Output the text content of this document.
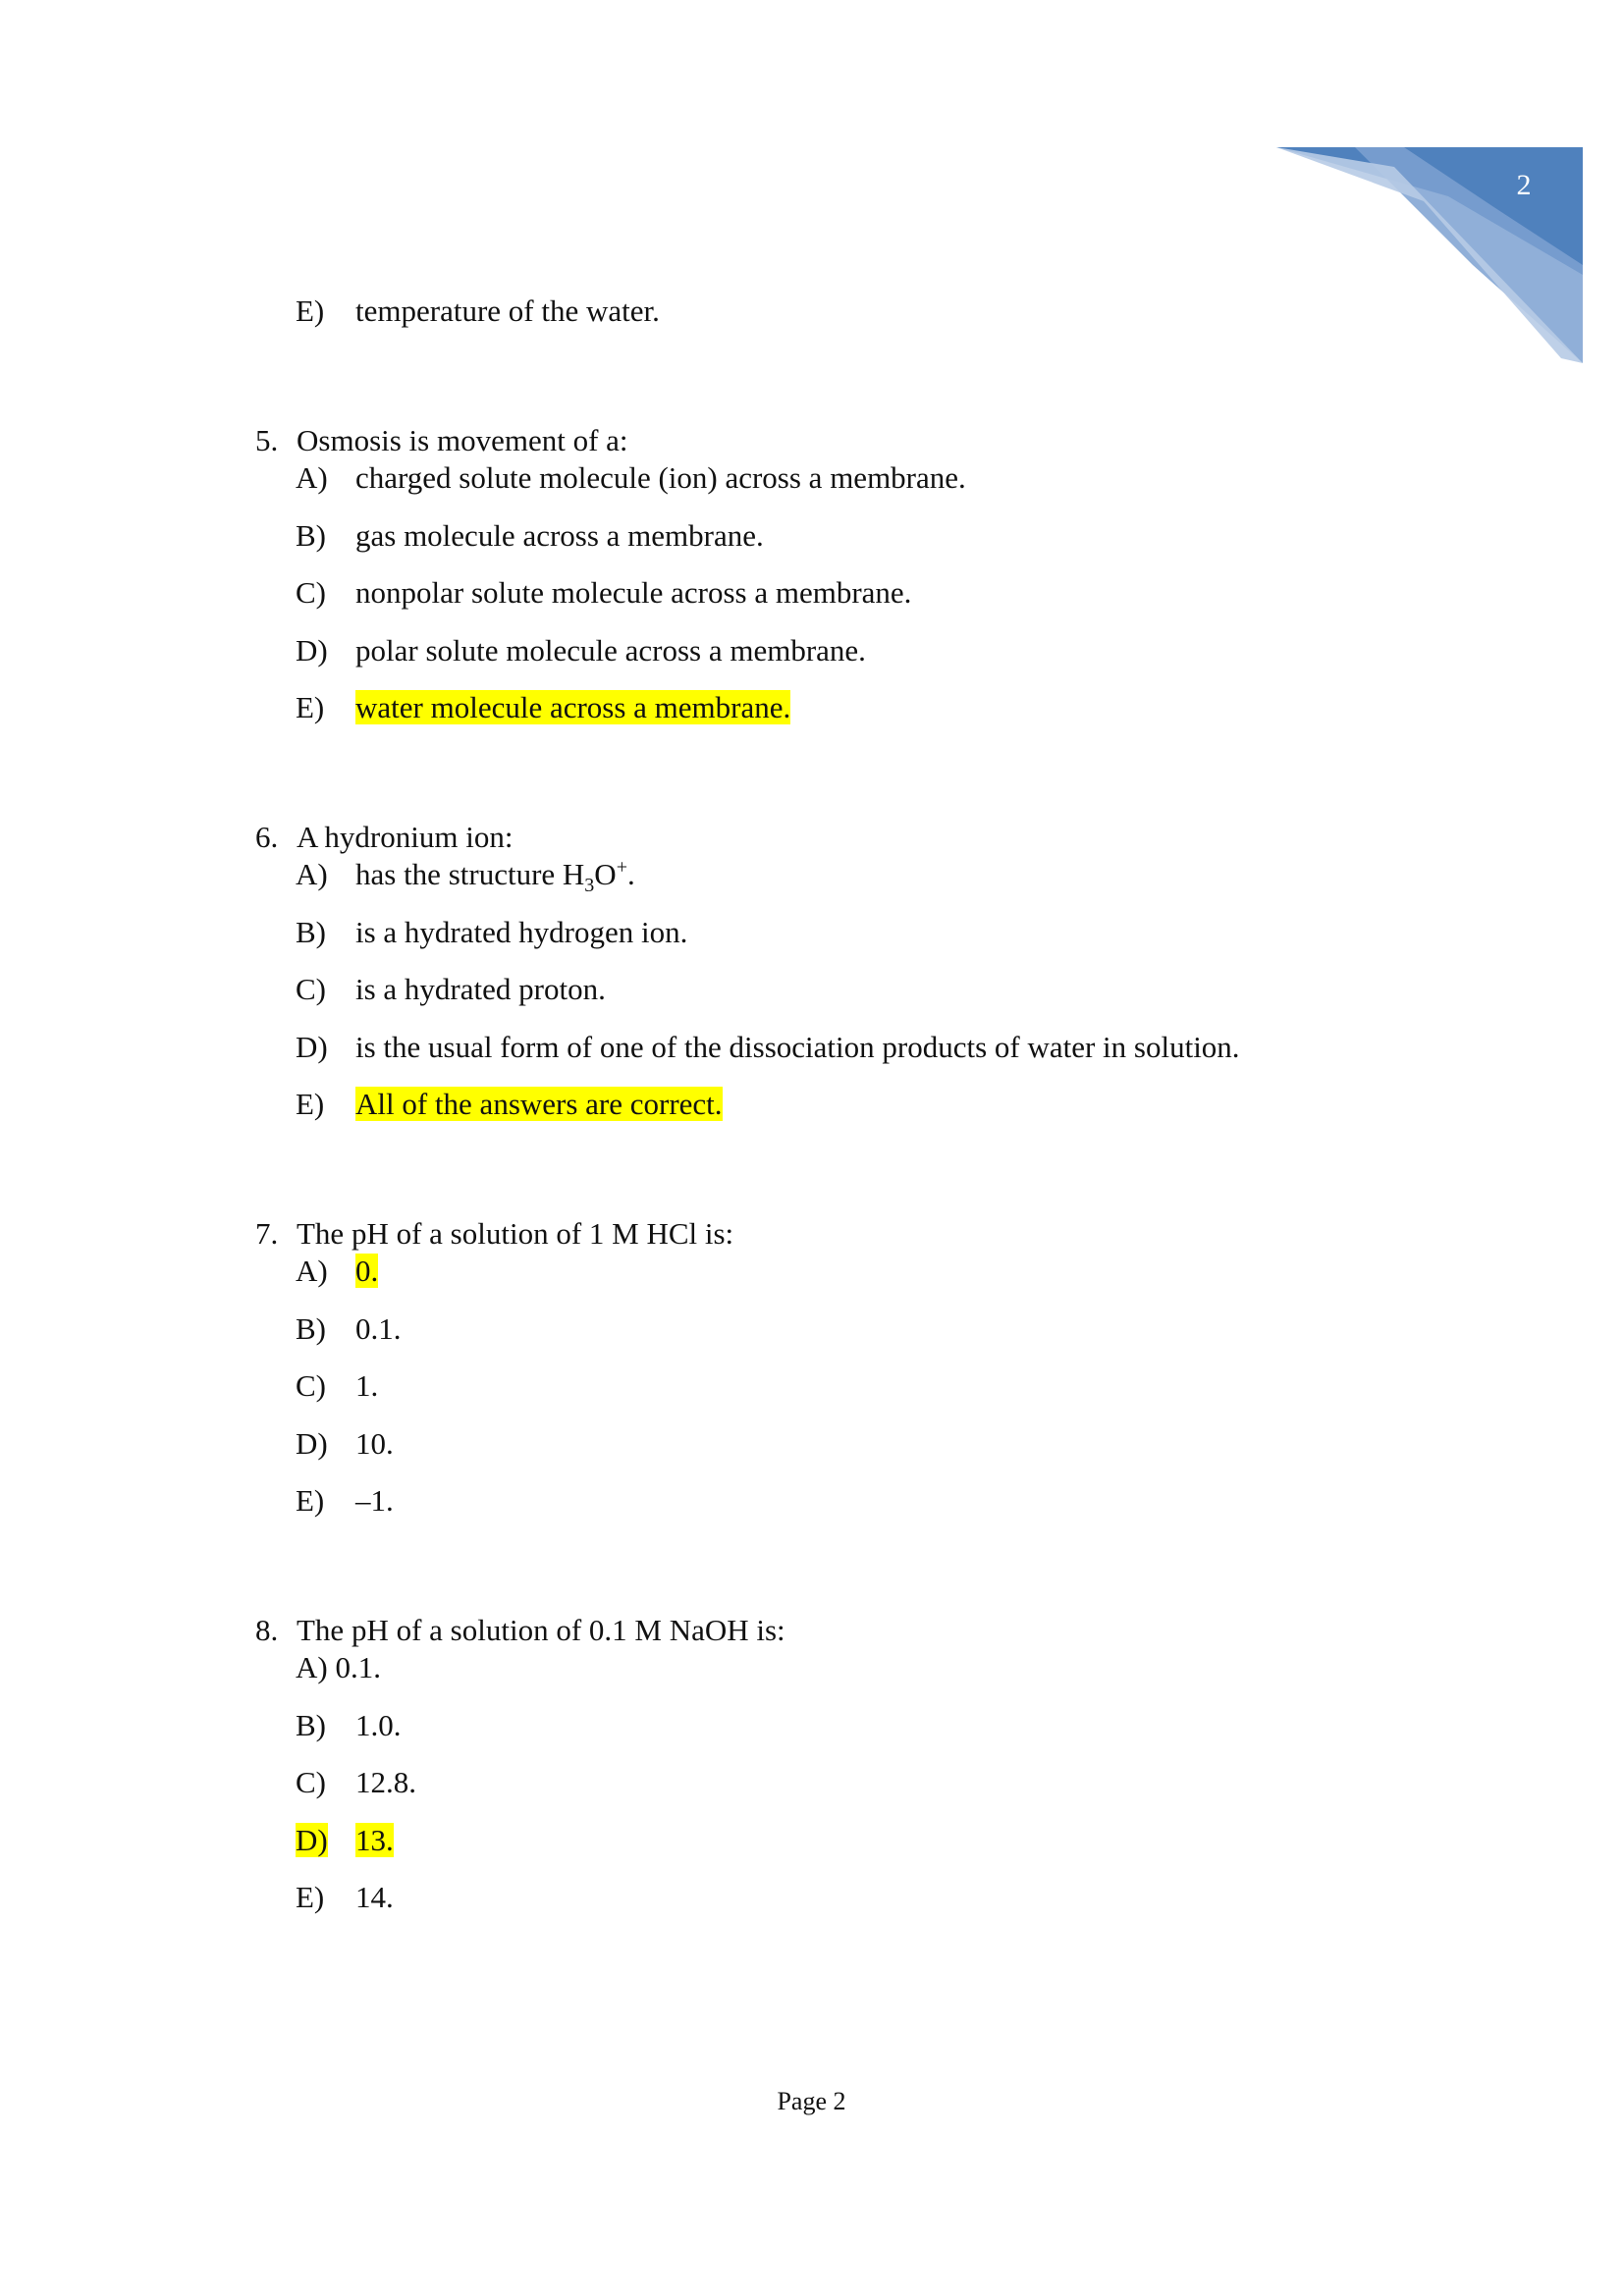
2
E) temperature of the water.
5. Osmosis is movement of a:
A) charged solute molecule (ion) across a membrane.
B) gas molecule across a membrane.
C) nonpolar solute molecule across a membrane.
D) polar solute molecule across a membrane.
E) water molecule across a membrane.
6. A hydronium ion:
A) has the structure $H_3O^+$.
B) is a hydrated hydrogen ion.
C) is a hydrated proton.
D) is the usual form of one of the dissociation products of water in solution.
E) All of the answers are correct.
7. The pH of a solution of 1 M HCl is:
A) 0.
B) 0.1.
C) 1.
D) 10.
E) –1.
8. The pH of a solution of 0.1 M NaOH is:
A) 0.1.
B) 1.0.
C) 12.8.
D) 13.
E) 14.
Page 2
